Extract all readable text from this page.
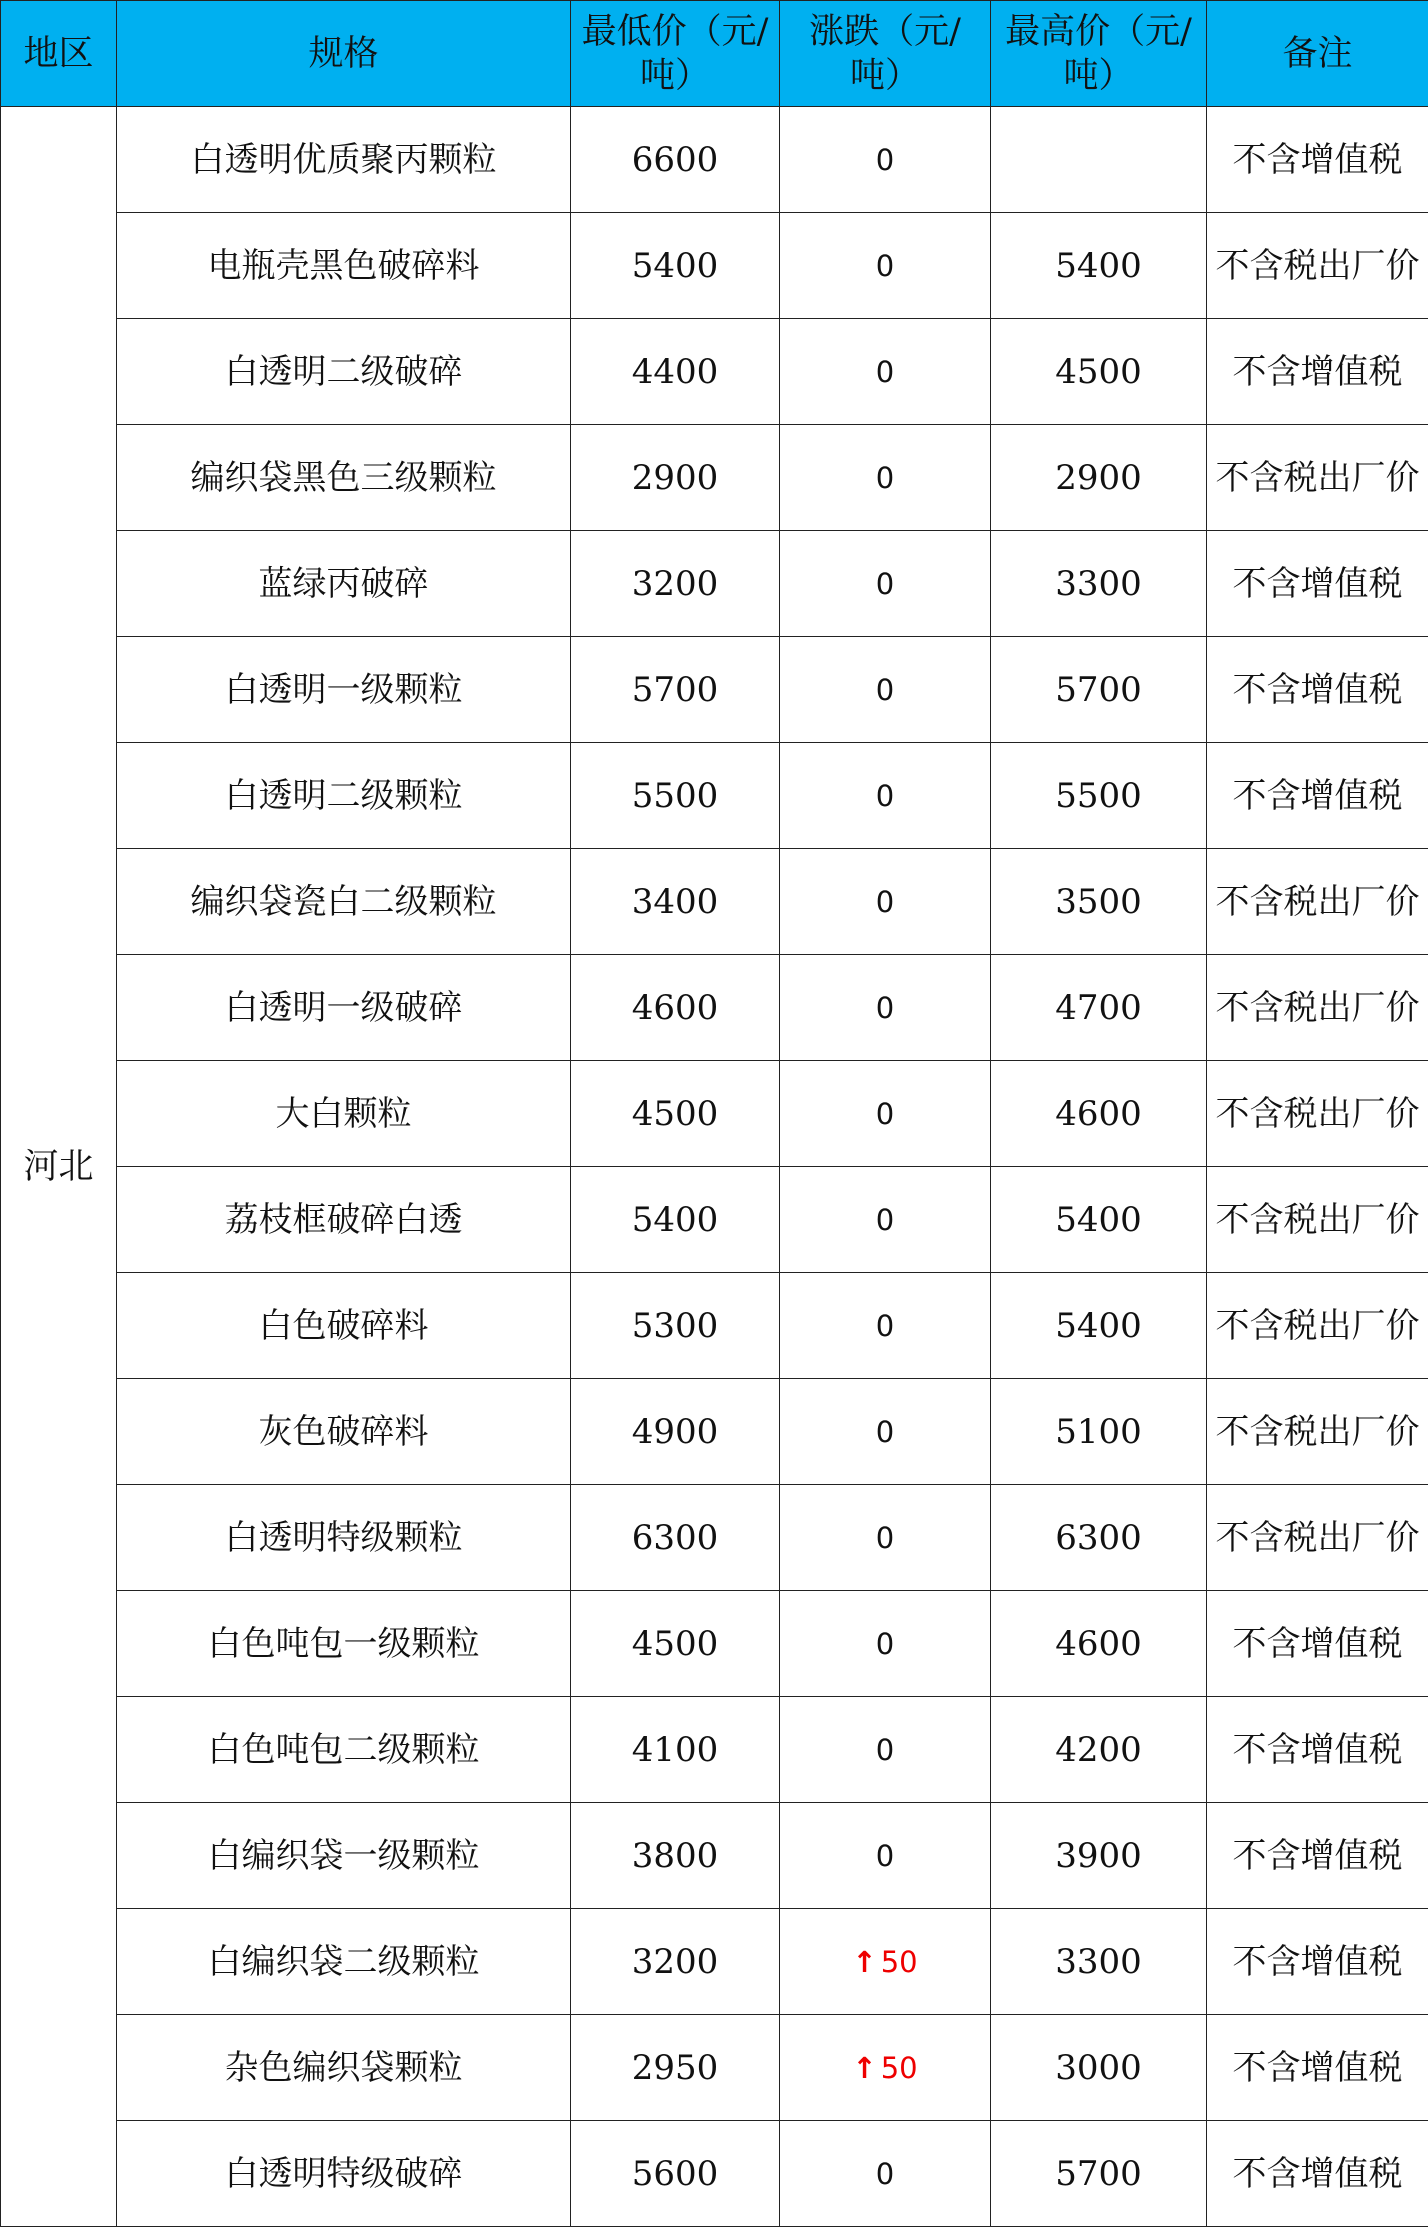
地区	规格	最低价（元/吨）	涨跌（元/吨）	最高价（元/吨）	备注
河北	白透明优质聚丙颗粒	6600	0		不含增值税
	电瓶壳黑色破碎料	5400	0	5400	不含税出厂价
	白透明二级破碎	4400	0	4500	不含增值税
	编织袋黑色三级颗粒	2900	0	2900	不含税出厂价
	蓝绿丙破碎	3200	0	3300	不含增值税
	白透明一级颗粒	5700	0	5700	不含增值税
	白透明二级颗粒	5500	0	5500	不含增值税
	编织袋瓷白二级颗粒	3400	0	3500	不含税出厂价
	白透明一级破碎	4600	0	4700	不含税出厂价
	大白颗粒	4500	0	4600	不含税出厂价
	荔枝框破碎白透	5400	0	5400	不含税出厂价
	白色破碎料	5300	0	5400	不含税出厂价
	灰色破碎料	4900	0	5100	不含税出厂价
	白透明特级颗粒	6300	0	6300	不含税出厂价
	白色吨包一级颗粒	4500	0	4600	不含增值税
	白色吨包二级颗粒	4100	0	4200	不含增值税
	白编织袋一级颗粒	3800	0	3900	不含增值税
	白编织袋二级颗粒	3200	↑ 50	3300	不含增值税
	杂色编织袋颗粒	2950	↑ 50	3000	不含增值税
	白透明特级破碎	5600	0	5700	不含增值税
